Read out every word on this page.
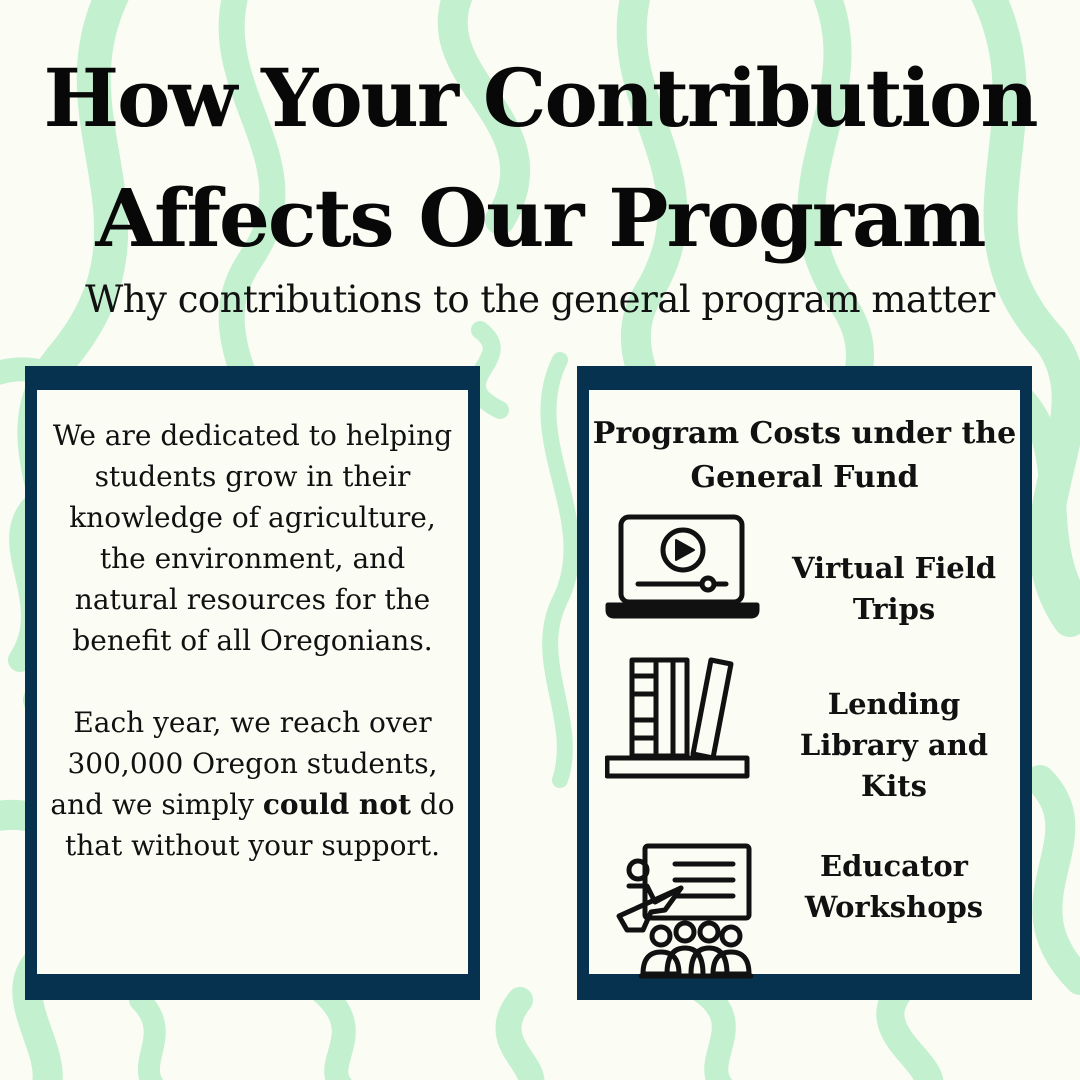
How Your Contribution
Affects Our Program
Why contributions to the general program matter

We are dedicated to helping students grow in their knowledge of agriculture, the environment, and natural resources for the benefit of all Oregonians.

Each year, we reach over 300,000 Oregon students, and we simply could not do that without your support.

Program Costs under the General Fund
Virtual Field Trips
Lending Library and Kits
Educator Workshops
